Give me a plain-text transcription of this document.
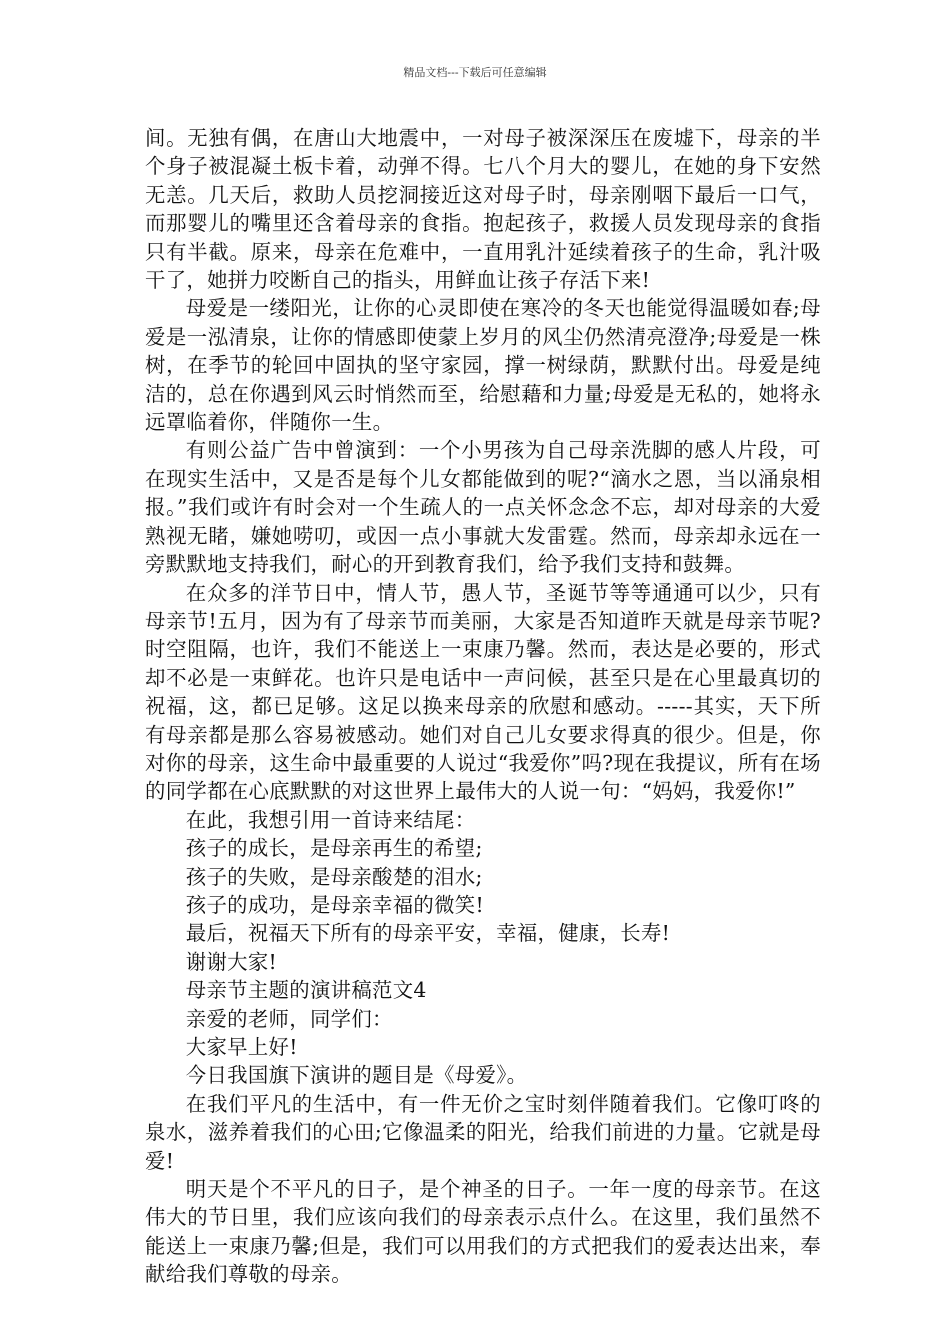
精品文档---下载后可任意编辑

间。无独有偶，在唐山大地震中，一对母子被深深压在废墟下，母亲的半个身子被混凝土板卡着，动弹不得。七八个月大的婴儿，在她的身下安然无恙。几天后，救助人员挖洞接近这对母子时，母亲刚咽下最后一口气，而那婴儿的嘴里还含着母亲的食指。抱起孩子，救援人员发现母亲的食指只有半截。原来，母亲在危难中，一直用乳汁延续着孩子的生命，乳汁吸干了，她拼力咬断自己的指头，用鲜血让孩子存活下来!

母爱是一缕阳光，让你的心灵即使在寒冷的冬天也能觉得温暖如春;母爱是一泓清泉，让你的情感即使蒙上岁月的风尘仍然清亮澄净;母爱是一株树，在季节的轮回中固执的坚守家园，撑一树绿荫，默默付出。母爱是纯洁的，总在你遇到风云时悄然而至，给慰藉和力量;母爱是无私的，她将永远罩临着你，伴随你一生。

有则公益广告中曾演到：一个小男孩为自己母亲洗脚的感人片段，可在现实生活中，又是否是每个儿女都能做到的呢?“滴水之恩，当以涌泉相报。”我们或许有时会对一个生疏人的一点关怀念念不忘，却对母亲的大爱熟视无睹，嫌她唠叨，或因一点小事就大发雷霆。然而，母亲却永远在一旁默默地支持我们，耐心的开到教育我们，给予我们支持和鼓舞。

在众多的洋节日中，情人节，愚人节，圣诞节等等通通可以少，只有母亲节!五月，因为有了母亲节而美丽，大家是否知道昨天就是母亲节呢?时空阻隔，也许，我们不能送上一束康乃馨。然而，表达是必要的，形式却不必是一束鲜花。也许只是电话中一声问候，甚至只是在心里最真切的祝福，这，都已足够。这足以换来母亲的欣慰和感动。-----其实，天下所有母亲都是那么容易被感动。她们对自己儿女要求得真的很少。但是，你对你的母亲，这生命中最重要的人说过“我爱你”吗?现在我提议，所有在场的同学都在心底默默的对这世界上最伟大的人说一句：“妈妈，我爱你!”

在此，我想引用一首诗来结尾：

孩子的成长，是母亲再生的希望;

孩子的失败，是母亲酸楚的泪水;

孩子的成功，是母亲幸福的微笑!

最后，祝福天下所有的母亲平安，幸福，健康，长寿!

谢谢大家!

母亲节主题的演讲稿范文4

亲爱的老师，同学们：

大家早上好!

今日我国旗下演讲的题目是《母爱》。

在我们平凡的生活中，有一件无价之宝时刻伴随着我们。它像叮咚的泉水，滋养着我们的心田;它像温柔的阳光，给我们前进的力量。它就是母爱!

明天是个不平凡的日子，是个神圣的日子。一年一度的母亲节。在这伟大的节日里，我们应该向我们的母亲表示点什么。在这里，我们虽然不能送上一束康乃馨;但是，我们可以用我们的方式把我们的爱表达出来，奉献给我们尊敬的母亲。
